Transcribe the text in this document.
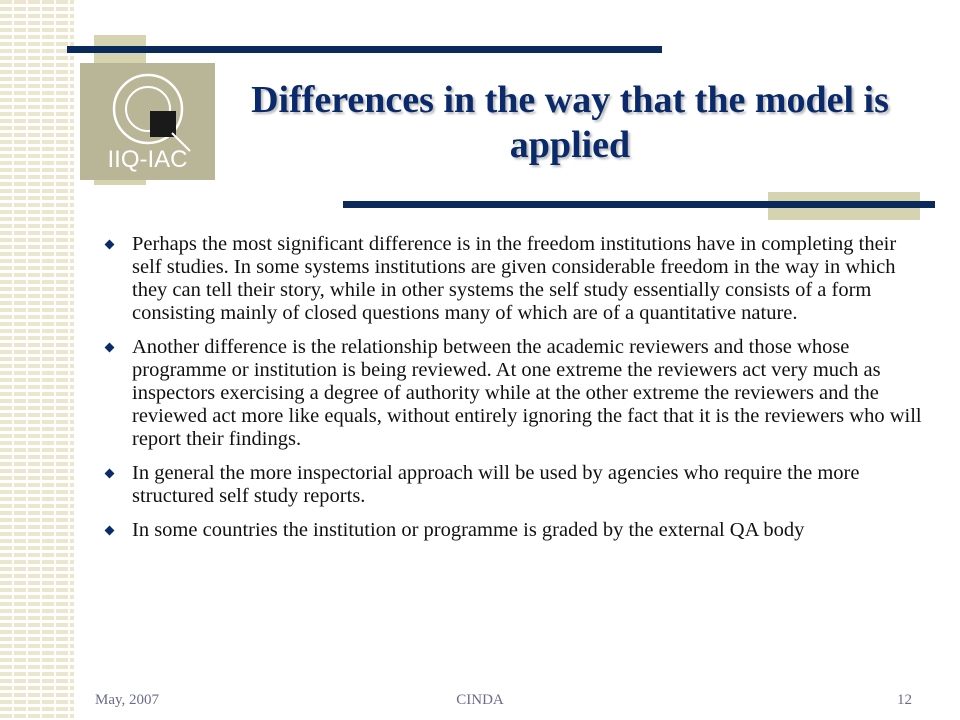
IIQ-IAC
Differences in the way that the model is applied
Perhaps the most significant difference is in the freedom institutions have in completing their self studies. In some systems institutions are given considerable freedom in the way in which they can tell their story, while in other systems the self study essentially consists of a form consisting mainly of closed questions many of which are of a quantitative nature.
Another difference is the relationship between the academic reviewers and those whose programme or institution is being reviewed. At one extreme the reviewers act very much as inspectors exercising a degree of authority while at the other extreme the reviewers and the reviewed act more like equals, without entirely ignoring the fact that it is the reviewers who will report their findings.
In general the more inspectorial approach will be used by agencies who require the more structured self study reports.
In some countries the institution or programme is graded by the external QA body
May, 2007	CINDA	12
